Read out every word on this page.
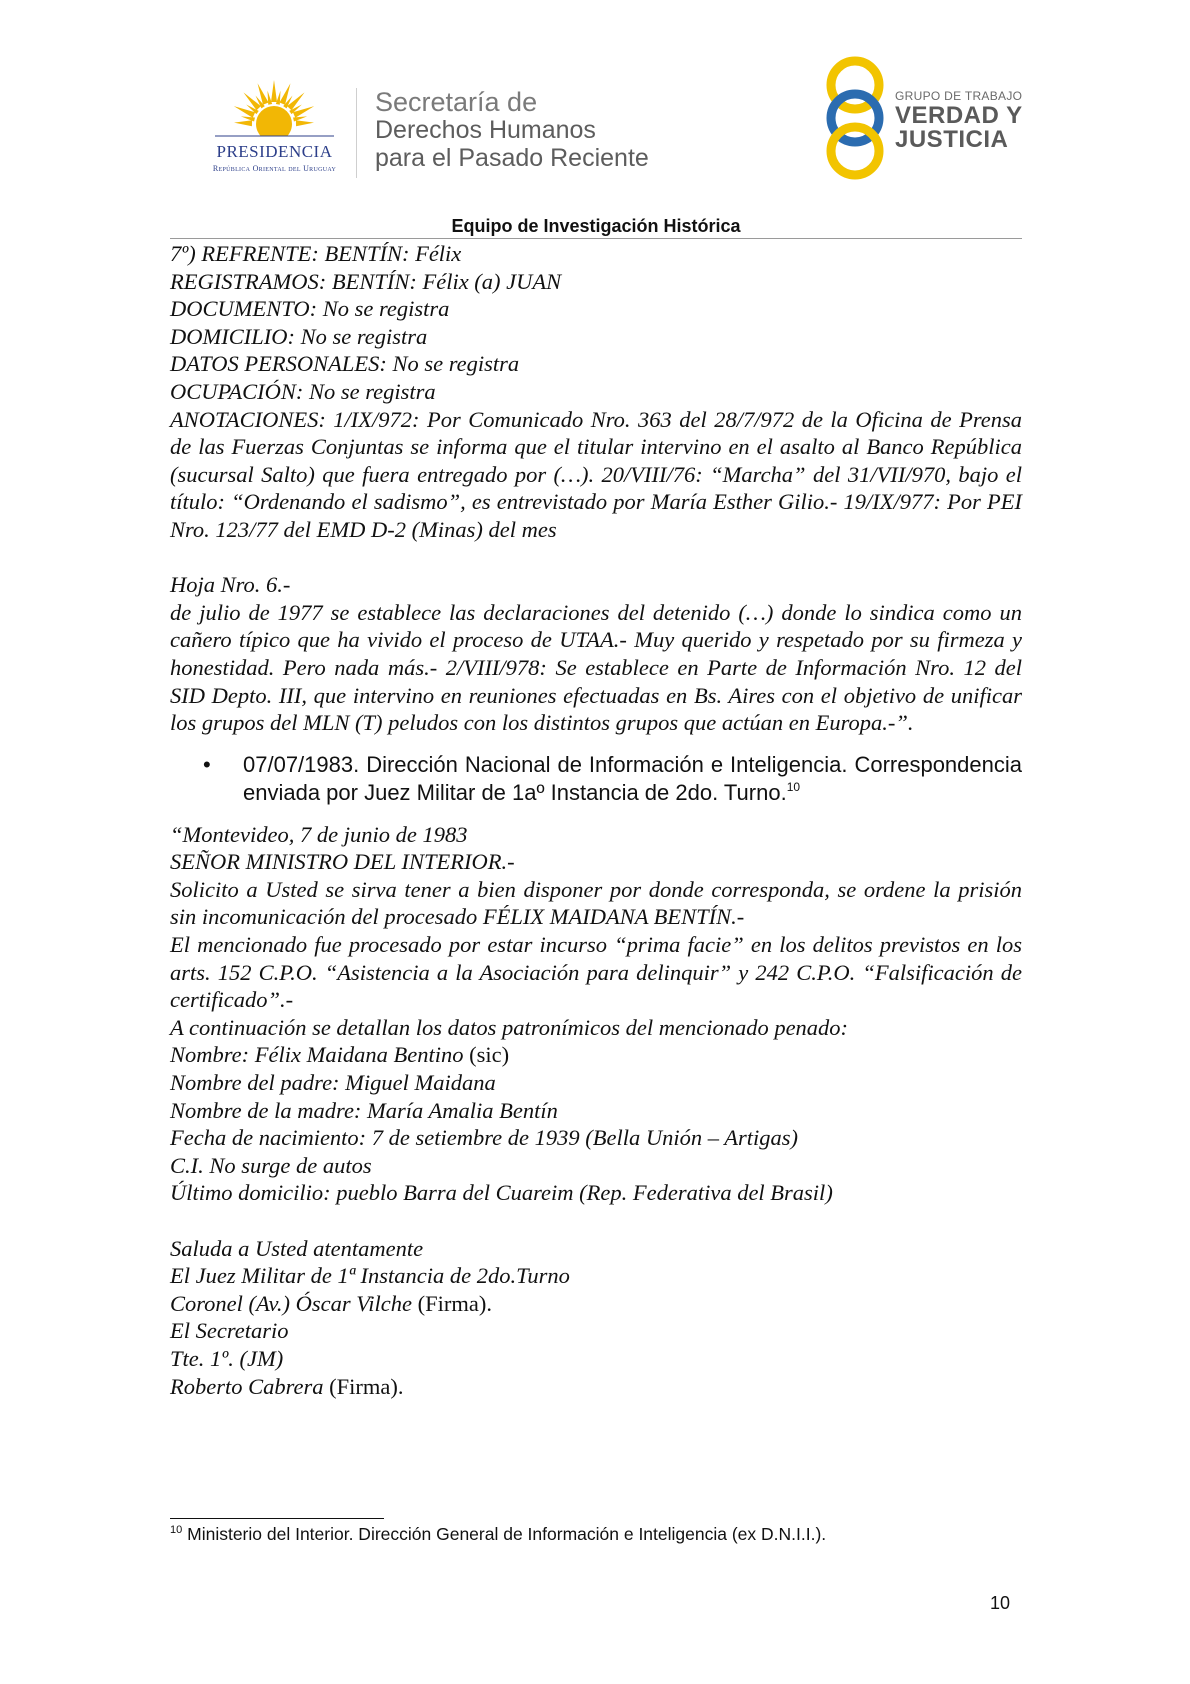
PRESIDENCIA
República Oriental del Uruguay
Secretaría de
Derechos Humanos
para el Pasado Reciente
GRUPO DE TRABAJO
VERDAD Y
JUSTICIA
Equipo de Investigación Histórica

7º) REFRENTE: BENTÍN: Félix

REGISTRAMOS: BENTÍN: Félix (a) JUAN

DOCUMENTO: No se registra

DOMICILIO: No se registra

DATOS PERSONALES: No se registra

OCUPACIÓN: No se registra

ANOTACIONES: 1/IX/972: Por Comunicado Nro. 363 del 28/7/972 de la Oficina de Prensa de las Fuerzas Conjuntas se informa que el titular intervino en el asalto al Banco República (sucursal Salto) que fuera entregado por (…). 20/VIII/76: “Marcha” del 31/VII/970, bajo el título: “Ordenando el sadismo”, es entrevistado por María Esther Gilio.- 19/IX/977: Por PEI Nro. 123/77 del EMD D-2 (Minas) del mes

Hoja Nro. 6.-

de julio de 1977 se establece las declaraciones del detenido (…) donde lo sindica como un cañero típico que ha vivido el proceso de UTAA.- Muy querido y respetado por su firmeza y honestidad. Pero nada más.- 2/VIII/978: Se establece en Parte de Información Nro. 12 del SID Depto. III, que intervino en reuniones efectuadas en Bs. Aires con el objetivo de unificar los grupos del MLN (T) peludos con los distintos grupos que actúan en Europa.-”.

• 07/07/1983. Dirección Nacional de Información e Inteligencia. Correspondencia enviada por Juez Militar de 1aº Instancia de 2do. Turno.$^{10}$

“Montevideo, 7 de junio de 1983

SEÑOR MINISTRO DEL INTERIOR.-

Solicito a Usted se sirva tener a bien disponer por donde corresponda, se ordene la prisión sin incomunicación del procesado FÉLIX MAIDANA BENTÍN.-

El mencionado fue procesado por estar incurso “prima facie” en los delitos previstos en los arts. 152 C.P.O. “Asistencia a la Asociación para delinquir” y 242 C.P.O. “Falsificación de certificado”.-

A continuación se detallan los datos patronímicos del mencionado penado:

Nombre: Félix Maidana Bentino (sic)

Nombre del padre: Miguel Maidana

Nombre de la madre: María Amalia Bentín

Fecha de nacimiento: 7 de setiembre de 1939 (Bella Unión – Artigas)

C.I. No surge de autos

Último domicilio: pueblo Barra del Cuareim (Rep. Federativa del Brasil)

Saluda a Usted atentamente

El Juez Militar de 1ª Instancia de 2do.Turno

Coronel (Av.) Óscar Vilche (Firma).

El Secretario

Tte. 1º. (JM)

Roberto Cabrera (Firma).

$^{10}$ Ministerio del Interior. Dirección General de Información e Inteligencia (ex D.N.I.I.).
10
